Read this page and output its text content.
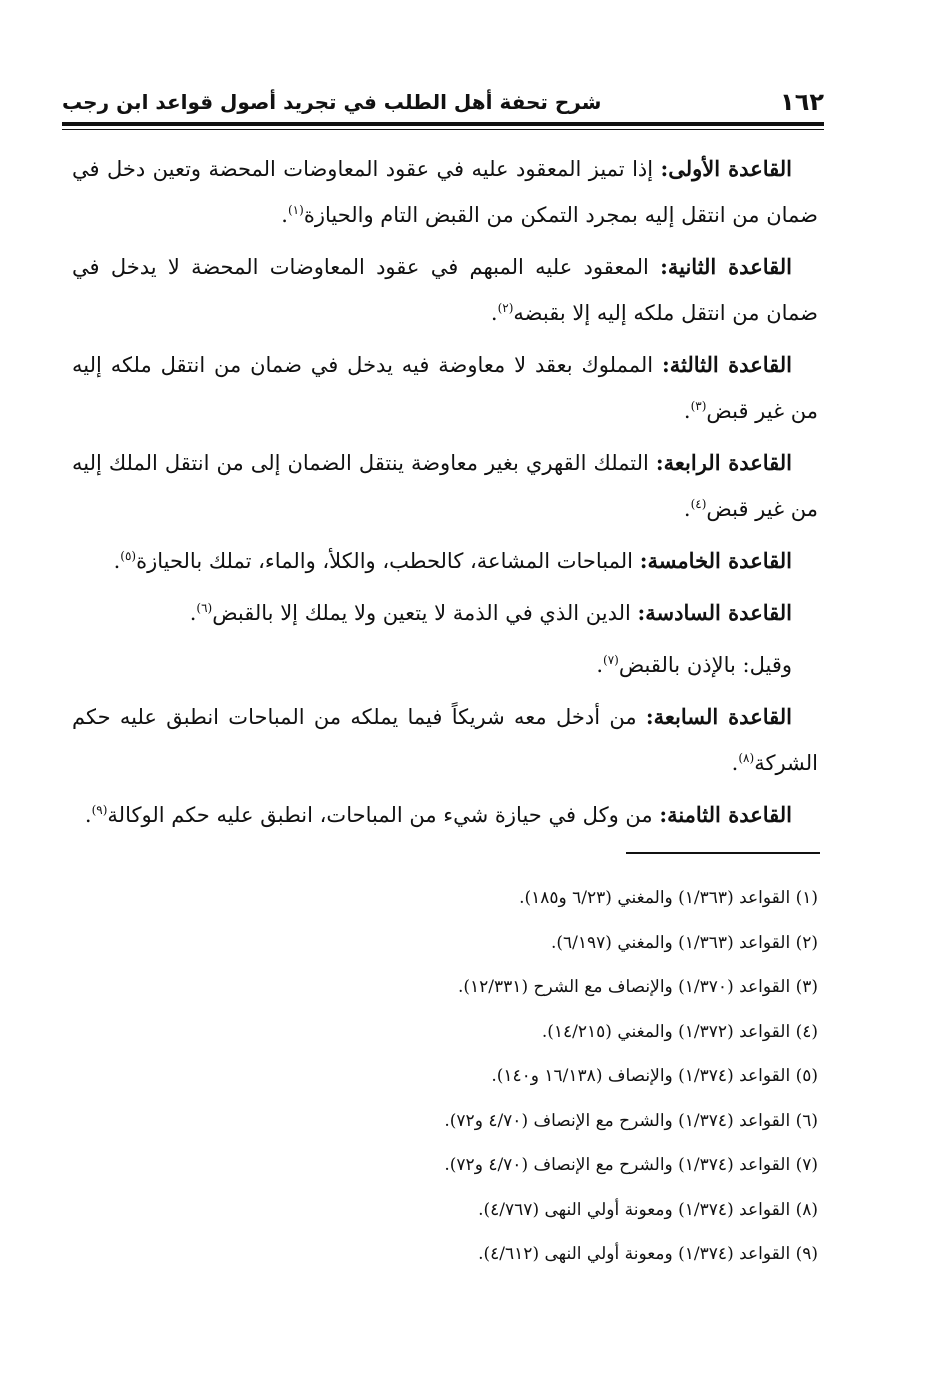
١٦٢
شرح تحفة أهل الطلب في تجريد أصول قواعد ابن رجب

القاعدة الأولى: إذا تميز المعقود عليه في عقود المعاوضات المحضة وتعين دخل في ضمان من انتقل إليه بمجرد التمكن من القبض التام والحيازة$^{(١)}$.

القاعدة الثانية: المعقود عليه المبهم في عقود المعاوضات المحضة لا يدخل في ضمان من انتقل ملكه إليه إلا بقبضه$^{(٢)}$.

القاعدة الثالثة: المملوك بعقد لا معاوضة فيه يدخل في ضمان من انتقل ملكه إليه من غير قبض$^{(٣)}$.

القاعدة الرابعة: التملك القهري بغير معاوضة ينتقل الضمان إلى من انتقل الملك إليه من غير قبض$^{(٤)}$.

القاعدة الخامسة: المباحات المشاعة، كالحطب، والكلأ، والماء، تملك بالحيازة$^{(٥)}$.

القاعدة السادسة: الدين الذي في الذمة لا يتعين ولا يملك إلا بالقبض$^{(٦)}$.

وقيل: بالإذن بالقبض$^{(٧)}$.

القاعدة السابعة: من أدخل معه شريكاً فيما يملكه من المباحات انطبق عليه حكم الشركة$^{(٨)}$.

القاعدة الثامنة: من وكل في حيازة شيء من المباحات، انطبق عليه حكم الوكالة$^{(٩)}$.

(١) القواعد (١/٣٦٣) والمغني (٦/٢٣ و١٨٥).

(٢) القواعد (١/٣٦٣) والمغني (٦/١٩٧).

(٣) القواعد (١/٣٧٠) والإنصاف مع الشرح (١٢/٣٣١).

(٤) القواعد (١/٣٧٢) والمغني (١٤/٢١٥).

(٥) القواعد (١/٣٧٤) والإنصاف (١٦/١٣٨ و١٤٠).

(٦) القواعد (١/٣٧٤) والشرح مع الإنصاف (٤/٧٠ و٧٢).

(٧) القواعد (١/٣٧٤) والشرح مع الإنصاف (٤/٧٠ و٧٢).

(٨) القواعد (١/٣٧٤) ومعونة أولي النهى (٤/٧٦٧).

(٩) القواعد (١/٣٧٤) ومعونة أولي النهى (٤/٦١٢).
